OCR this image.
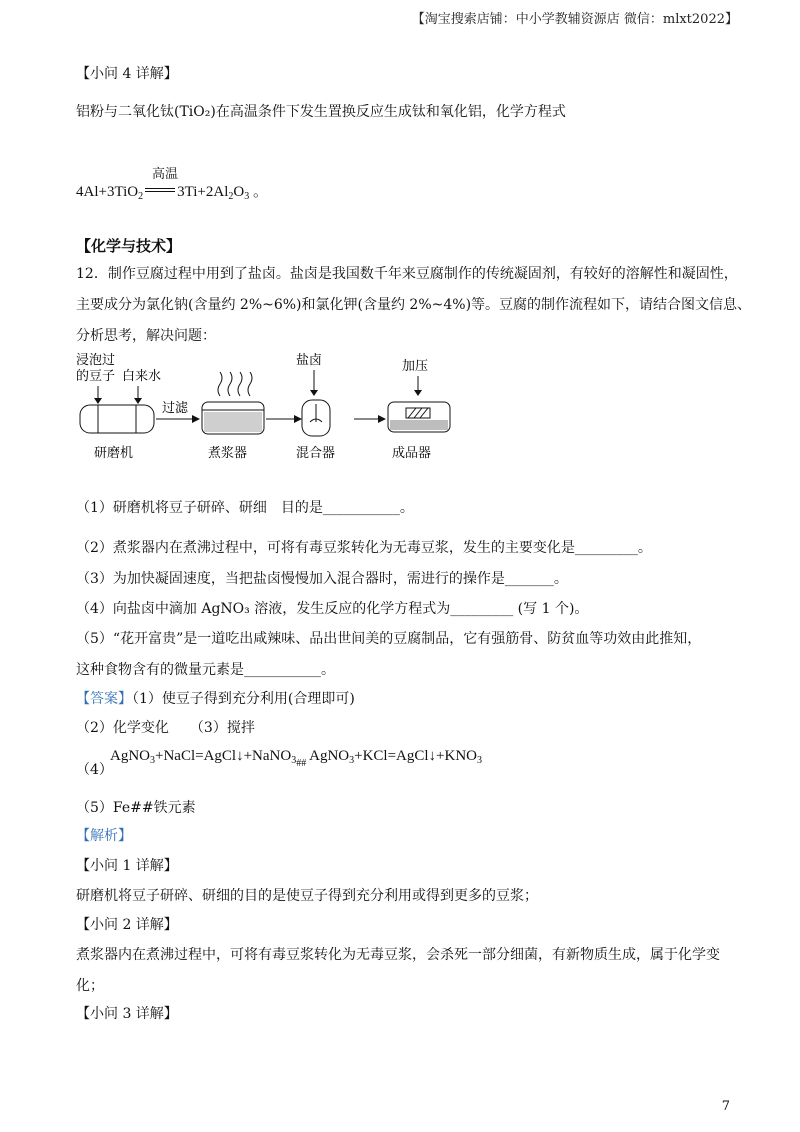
【淘宝搜索店铺：中小学教辅资源店 微信：mlxt2022】
【小问 4 详解】
铝粉与二氧化钛(TiO₂)在高温条件下发生置换反应生成钛和氧化铝，化学方程式
高温
4Al+3TiO$_2$ $3Ti+2Al_2O_3$ 。
【化学与技术】
12．制作豆腐过程中用到了盐卤。盐卤是我国数千年来豆腐制作的传统凝固剂，有较好的溶解性和凝固性，
主要成分为氯化钠(含量约 2%~6%)和氯化钾(含量约 2%~4%)等。豆腐的制作流程如下，请结合图文信息、
分析思考，解决问题：
浸泡过
的豆子 白来水
研磨机
过滤
煮浆器
盐卤
混合器
加压
成品器
（1）研磨机将豆子研碎、研细　目的是___________。
（2）煮浆器内在煮沸过程中，可将有毒豆浆转化为无毒豆浆，发生的主要变化是_________。
（3）为加快凝固速度，当把盐卤慢慢加入混合器时，需进行的操作是_______。
（4）向盐卤中滴加 AgNO₃ 溶液，发生反应的化学方程式为_________ (写 1 个)。
（5）“花开富贵”是一道吃出咸辣味、品出世间美的豆腐制品，它有强筋骨、防贫血等功效由此推知，
这种食物含有的微量元素是___________。
【答案】（1）使豆子得到充分利用(合理即可)
（2）化学变化　　（3）搅拌
（4）
AgNO$_3$+NaCl=AgCl↓+NaNO$_{3\#\#}$ $AgNO_3+KCl=AgCl↓+KNO_3$
（5）Fe##铁元素
【解析】
【小问 1 详解】
研磨机将豆子研碎、研细的目的是使豆子得到充分利用或得到更多的豆浆；
【小问 2 详解】
煮浆器内在煮沸过程中，可将有毒豆浆转化为无毒豆浆，会杀死一部分细菌，有新物质生成，属于化学变
化；
【小问 3 详解】
7
